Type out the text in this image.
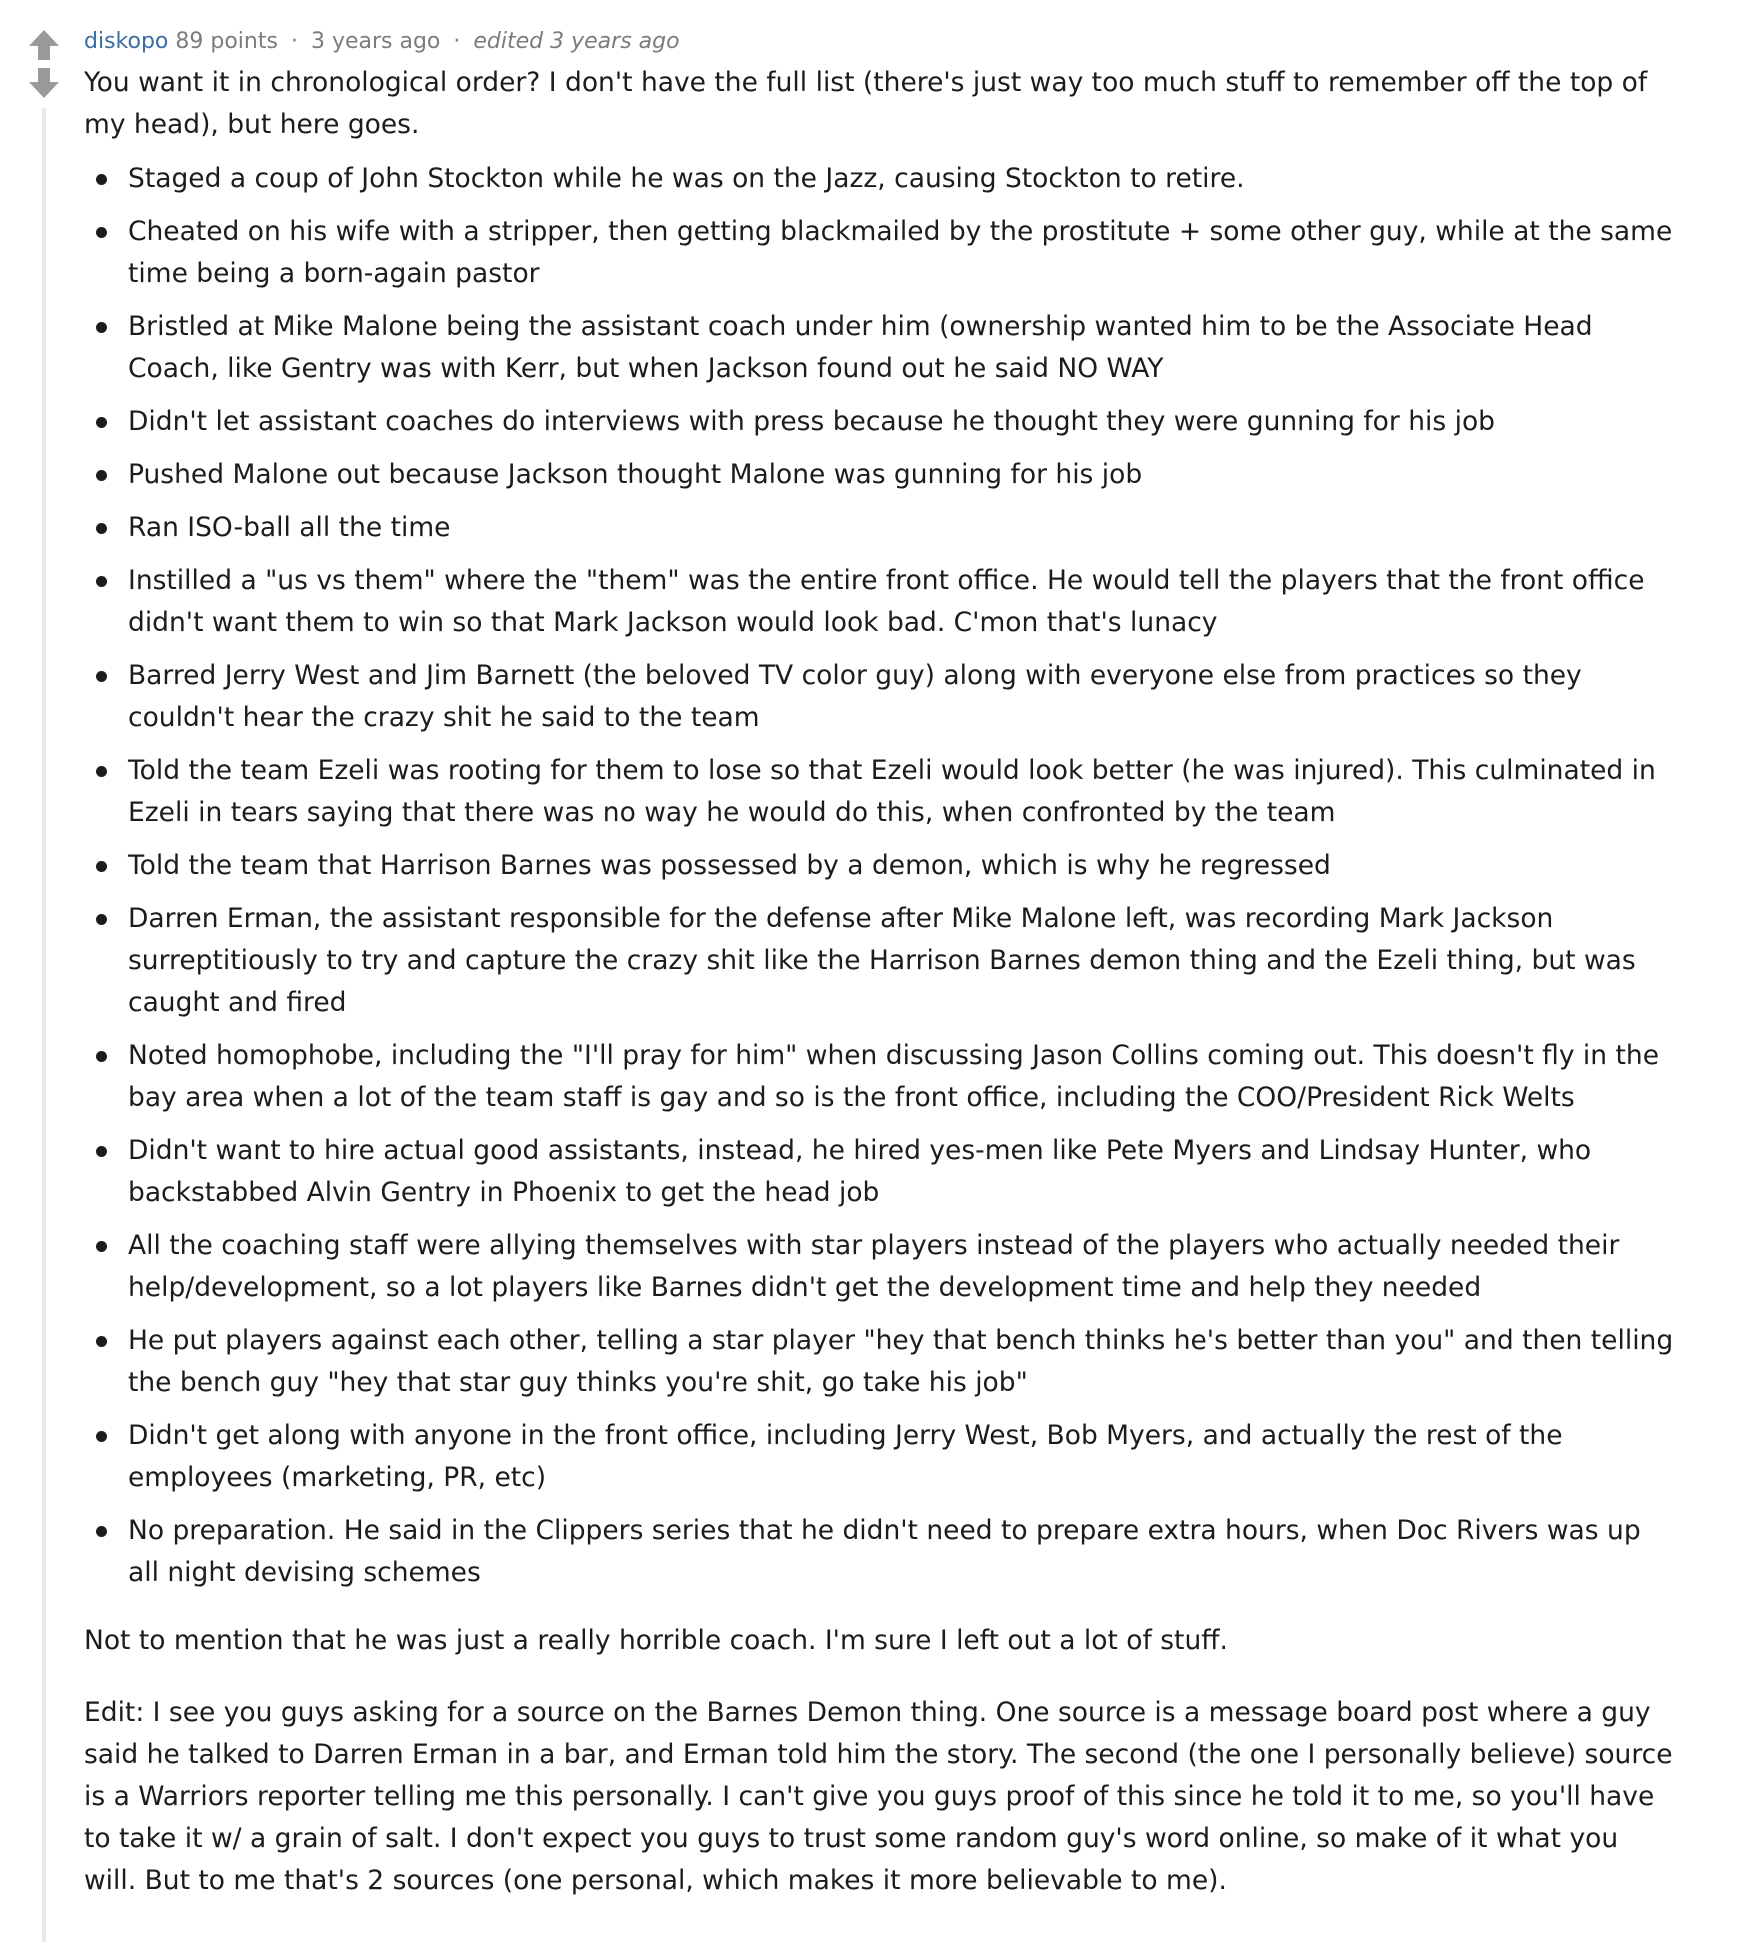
diskopo 89 points · 3 years ago · edited 3 years ago

You want it in chronological order? I don't have the full list (there's just way too much stuff to remember off the top of my head), but here goes.

Staged a coup of John Stockton while he was on the Jazz, causing Stockton to retire.
Cheated on his wife with a stripper, then getting blackmailed by the prostitute + some other guy, while at the same time being a born-again pastor
Bristled at Mike Malone being the assistant coach under him (ownership wanted him to be the Associate Head Coach, like Gentry was with Kerr, but when Jackson found out he said NO WAY
Didn't let assistant coaches do interviews with press because he thought they were gunning for his job
Pushed Malone out because Jackson thought Malone was gunning for his job
Ran ISO-ball all the time
Instilled a "us vs them" where the "them" was the entire front office. He would tell the players that the front office didn't want them to win so that Mark Jackson would look bad. C'mon that's lunacy
Barred Jerry West and Jim Barnett (the beloved TV color guy) along with everyone else from practices so they couldn't hear the crazy shit he said to the team
Told the team Ezeli was rooting for them to lose so that Ezeli would look better (he was injured). This culminated in Ezeli in tears saying that there was no way he would do this, when confronted by the team
Told the team that Harrison Barnes was possessed by a demon, which is why he regressed
Darren Erman, the assistant responsible for the defense after Mike Malone left, was recording Mark Jackson surreptitiously to try and capture the crazy shit like the Harrison Barnes demon thing and the Ezeli thing, but was caught and fired
Noted homophobe, including the "I'll pray for him" when discussing Jason Collins coming out. This doesn't fly in the bay area when a lot of the team staff is gay and so is the front office, including the COO/President Rick Welts
Didn't want to hire actual good assistants, instead, he hired yes-men like Pete Myers and Lindsay Hunter, who backstabbed Alvin Gentry in Phoenix to get the head job
All the coaching staff were allying themselves with star players instead of the players who actually needed their help/development, so a lot players like Barnes didn't get the development time and help they needed
He put players against each other, telling a star player "hey that bench thinks he's better than you" and then telling the bench guy "hey that star guy thinks you're shit, go take his job"
Didn't get along with anyone in the front office, including Jerry West, Bob Myers, and actually the rest of the employees (marketing, PR, etc)
No preparation. He said in the Clippers series that he didn't need to prepare extra hours, when Doc Rivers was up all night devising schemes

Not to mention that he was just a really horrible coach. I'm sure I left out a lot of stuff.

Edit: I see you guys asking for a source on the Barnes Demon thing. One source is a message board post where a guy said he talked to Darren Erman in a bar, and Erman told him the story. The second (the one I personally believe) source is a Warriors reporter telling me this personally. I can't give you guys proof of this since he told it to me, so you'll have to take it w/ a grain of salt. I don't expect you guys to trust some random guy's word online, so make of it what you will. But to me that's 2 sources (one personal, which makes it more believable to me).
